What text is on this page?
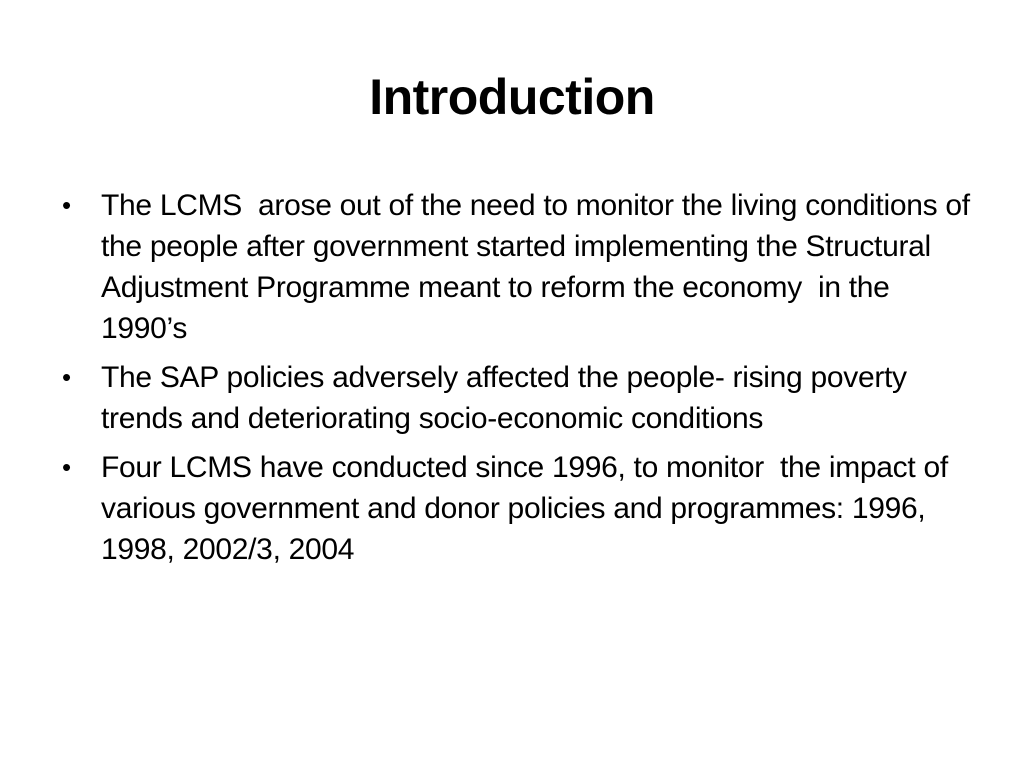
Introduction
•	The LCMS  arose out of the need to monitor the living conditions of the people after government started implementing the Structural Adjustment Programme meant to reform the economy  in the 1990’s
•	The SAP policies adversely affected the people- rising poverty trends and deteriorating socio-economic conditions
•	Four LCMS have conducted since 1996, to monitor  the impact of various government and donor policies and programmes: 1996, 1998, 2002/3, 2004
